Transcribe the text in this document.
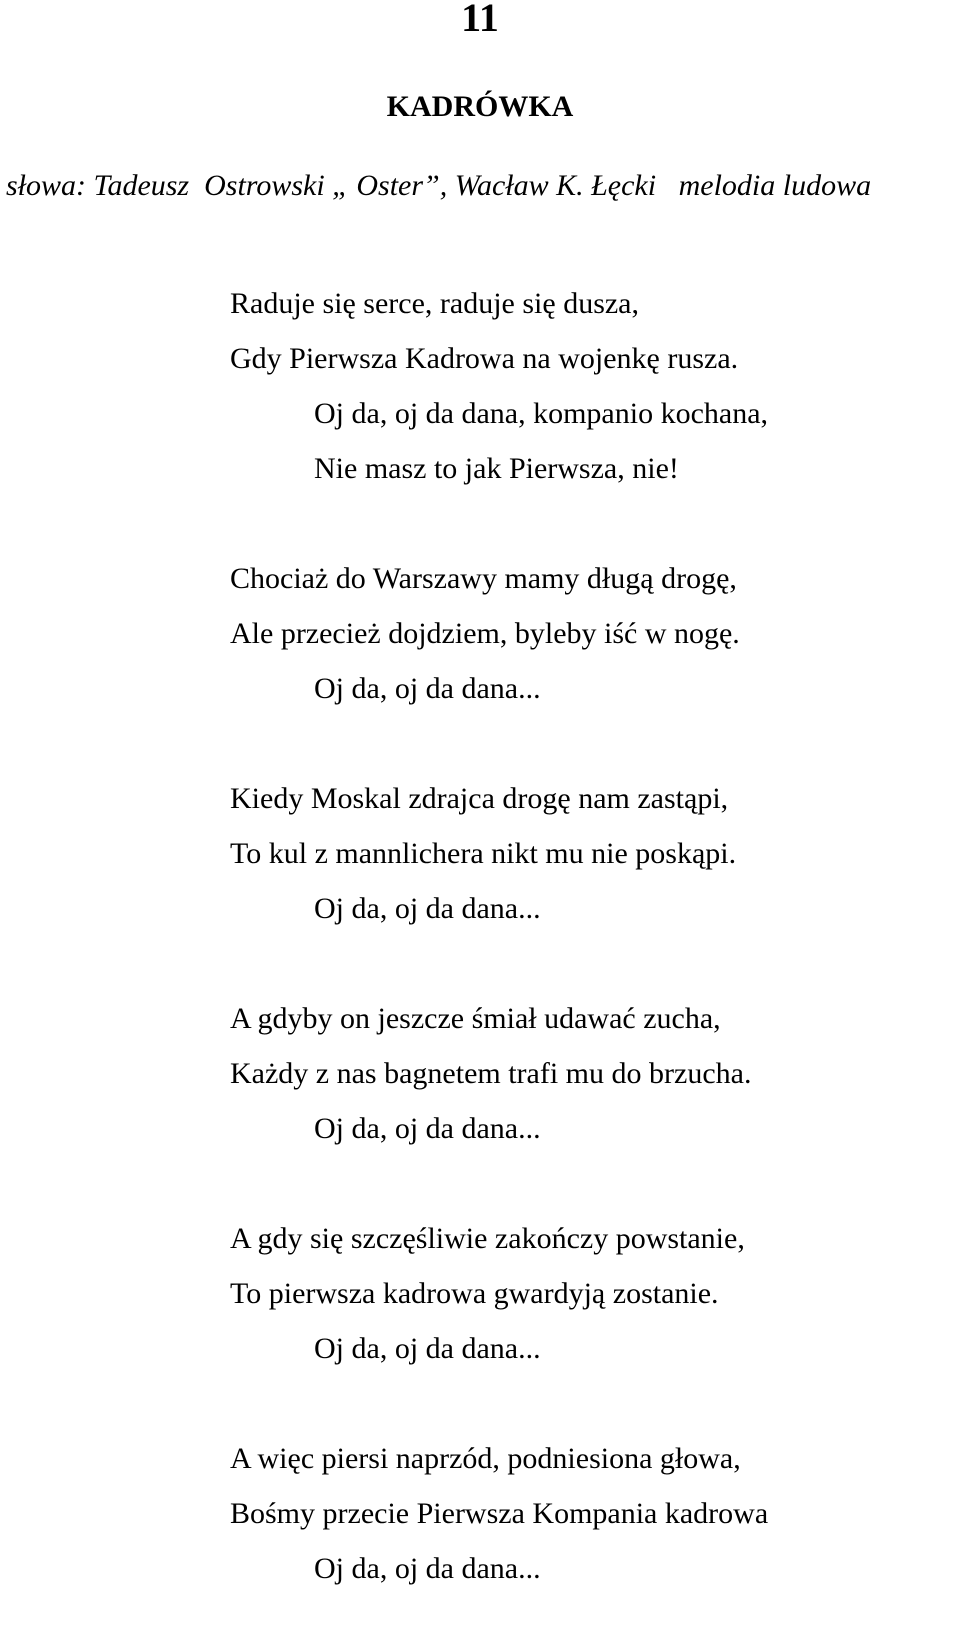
11
KADRÓWKA
słowa: Tadeusz  Ostrowski „ Oster”, Wacław K. Łęcki   melodia ludowa
Raduje się serce, raduje się dusza,
Gdy Pierwsza Kadrowa na wojenkę rusza.
Oj da, oj da dana, kompanio kochana,
Nie masz to jak Pierwsza, nie!
Chociaż do Warszawy mamy długą drogę,
Ale przecież dojdziem, byleby iść w nogę.
Oj da, oj da dana...
Kiedy Moskal zdrajca drogę nam zastąpi,
To kul z mannlichera nikt mu nie poskąpi.
Oj da, oj da dana...
A gdyby on jeszcze śmiał udawać zucha,
Każdy z nas bagnetem trafi mu do brzucha.
Oj da, oj da dana...
A gdy się szczęśliwie zakończy powstanie,
To pierwsza kadrowa gwardyją zostanie.
Oj da, oj da dana...
A więc piersi naprzód, podniesiona głowa,
Bośmy przecie Pierwsza Kompania kadrowa
Oj da, oj da dana...
